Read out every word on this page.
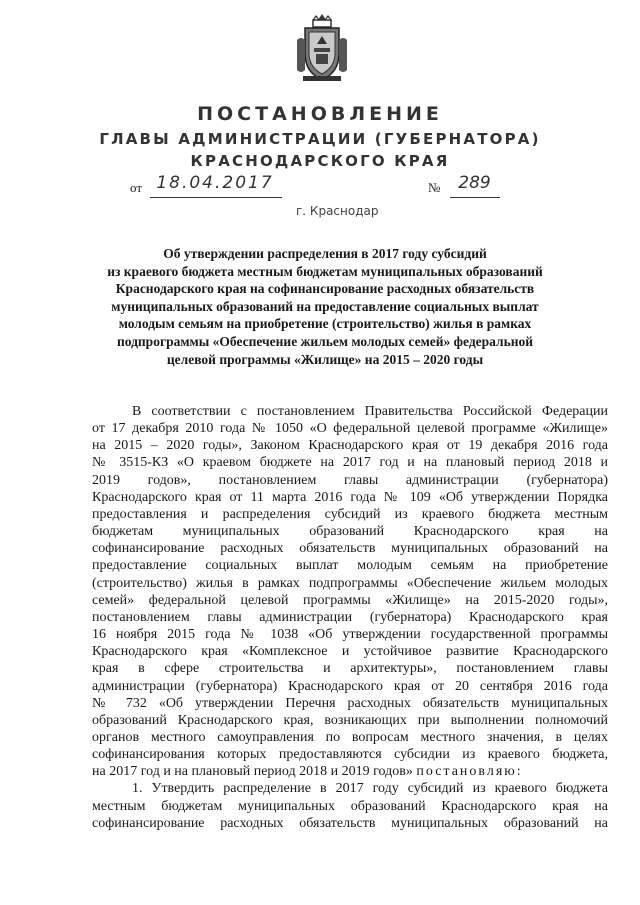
ПОСТАНОВЛЕНИЕ
ГЛАВЫ АДМИНИСТРАЦИИ (ГУБЕРНАТОРА)
КРАСНОДАРСКОГО КРАЯ
от 18.04.2017	№	289
г. Краснодар
Об утверждении распределения в 2017 году субсидий
из краевого бюджета местным бюджетам муниципальных образований
Краснодарского края на софинансирование расходных обязательств
муниципальных образований на предоставление социальных выплат
молодым семьям на приобретение (строительство) жилья в рамках
подпрограммы «Обеспечение жильем молодых семей» федеральной
целевой программы «Жилище» на 2015 – 2020 годы
В соответствии с постановлением Правительства Российской Федерации
от 17 декабря 2010 года № 1050 «О федеральной целевой программе «Жилище»
на 2015 – 2020 годы», Законом Краснодарского края от 19 декабря 2016 года
№ 3515-КЗ «О краевом бюджете на 2017 год и на плановый период 2018 и
2019 годов», постановлением главы администрации (губернатора)
Краснодарского края от 11 марта 2016 года № 109 «Об утверждении Порядка
предоставления и распределения субсидий из краевого бюджета местным
бюджетам муниципальных образований Краснодарского края на
софинансирование расходных обязательств муниципальных образований на
предоставление социальных выплат молодым семьям на приобретение
(строительство) жилья в рамках подпрограммы «Обеспечение жильем молодых
семей» федеральной целевой программы «Жилище» на 2015-2020 годы»,
постановлением главы администрации (губернатора) Краснодарского края
16 ноября 2015 года № 1038 «Об утверждении государственной программы
Краснодарского края «Комплексное и устойчивое развитие Краснодарского
края в сфере строительства и архитектуры», постановлением главы
администрации (губернатора) Краснодарского края от 20 сентября 2016 года
№ 732 «Об утверждении Перечня расходных обязательств муниципальных
образований Краснодарского края, возникающих при выполнении полномочий
органов местного самоуправления по вопросам местного значения, в целях
софинансирования которых предоставляются субсидии из краевого бюджета,
на 2017 год и на плановый период 2018 и 2019 годов» постановляю:
1. Утвердить распределение в 2017 году субсидий из краевого бюджета
местным бюджетам муниципальных образований Краснодарского края на
софинансирование расходных обязательств муниципальных образований на
